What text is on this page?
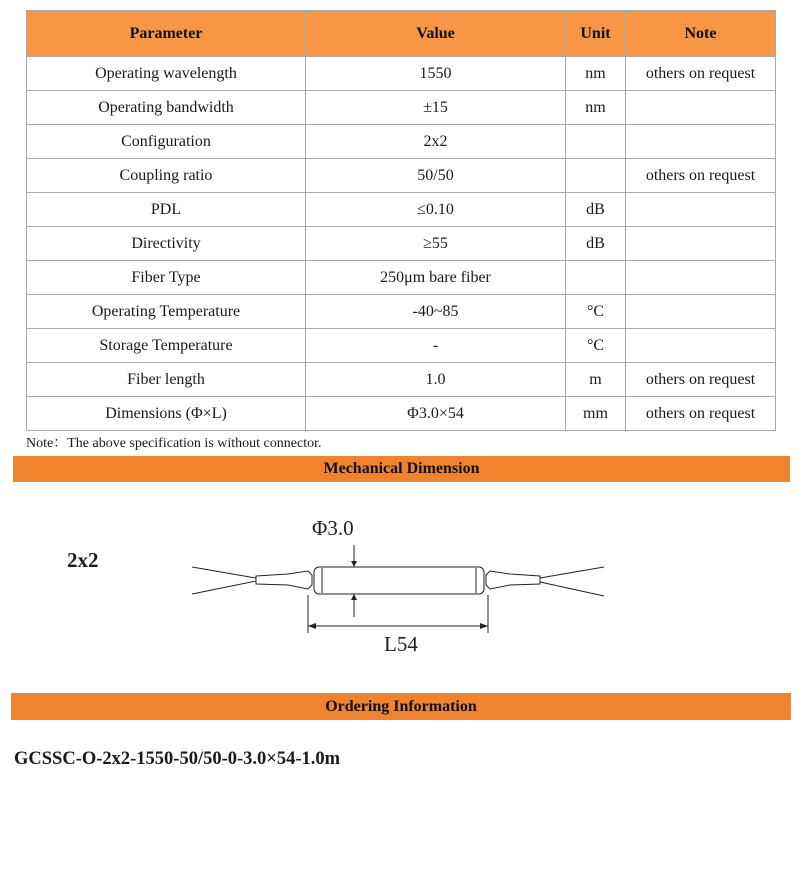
Parameter	Value	Unit	Note
Operating wavelength	1550	nm	others on request
Operating bandwidth	±15	nm	
Configuration	2x2		
Coupling ratio	50/50		others on request
PDL	≤0.10	dB	
Directivity	≥55	dB	
Fiber Type	250μm bare fiber		
Operating Temperature	-40~85	°C	
Storage Temperature	-	°C	
Fiber length	1.0	m	others on request
Dimensions (Φ×L)	Φ3.0×54	mm	others on request
Note：The above specification is without connector.
Mechanical Dimension
2x2
Φ3.0
L54
Ordering Information
GCSSC-O-2x2-1550-50/50-0-3.0×54-1.0m
